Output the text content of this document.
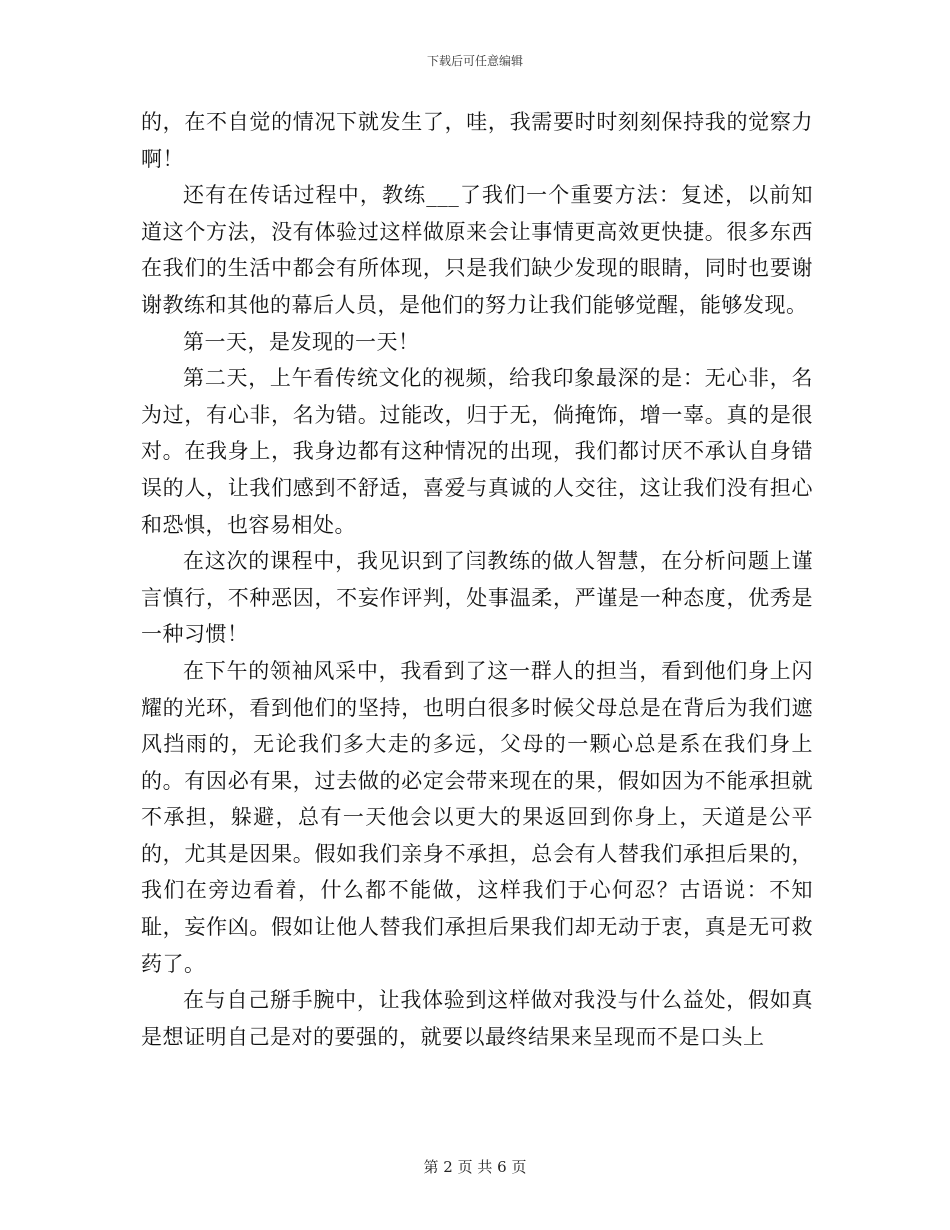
下载后可任意编辑

的，在不自觉的情况下就发生了，哇，我需要时时刻刻保持我的觉察力啊！

还有在传话过程中，教练___了我们一个重要方法：复述，以前知道这个方法，没有体验过这样做原来会让事情更高效更快捷。很多东西在我们的生活中都会有所体现，只是我们缺少发现的眼睛，同时也要谢谢教练和其他的幕后人员，是他们的努力让我们能够觉醒，能够发现。

第一天，是发现的一天！

第二天，上午看传统文化的视频，给我印象最深的是：无心非，名为过，有心非，名为错。过能改，归于无，倘掩饰，增一辜。真的是很对。在我身上，我身边都有这种情况的出现，我们都讨厌不承认自身错误的人，让我们感到不舒适，喜爱与真诚的人交往，这让我们没有担心和恐惧，也容易相处。

在这次的课程中，我见识到了闫教练的做人智慧，在分析问题上谨言慎行，不种恶因，不妄作评判，处事温柔，严谨是一种态度，优秀是一种习惯！

在下午的领袖风采中，我看到了这一群人的担当，看到他们身上闪耀的光环，看到他们的坚持，也明白很多时候父母总是在背后为我们遮风挡雨的，无论我们多大走的多远，父母的一颗心总是系在我们身上的。有因必有果，过去做的必定会带来现在的果，假如因为不能承担就不承担，躲避，总有一天他会以更大的果返回到你身上，天道是公平的，尤其是因果。假如我们亲身不承担，总会有人替我们承担后果的，我们在旁边看着，什么都不能做，这样我们于心何忍？古语说：不知耻，妄作凶。假如让他人替我们承担后果我们却无动于衷，真是无可救药了。

在与自己掰手腕中，让我体验到这样做对我没与什么益处，假如真是想证明自己是对的要强的，就要以最终结果来呈现而不是口头上

第 2 页 共 6 页
